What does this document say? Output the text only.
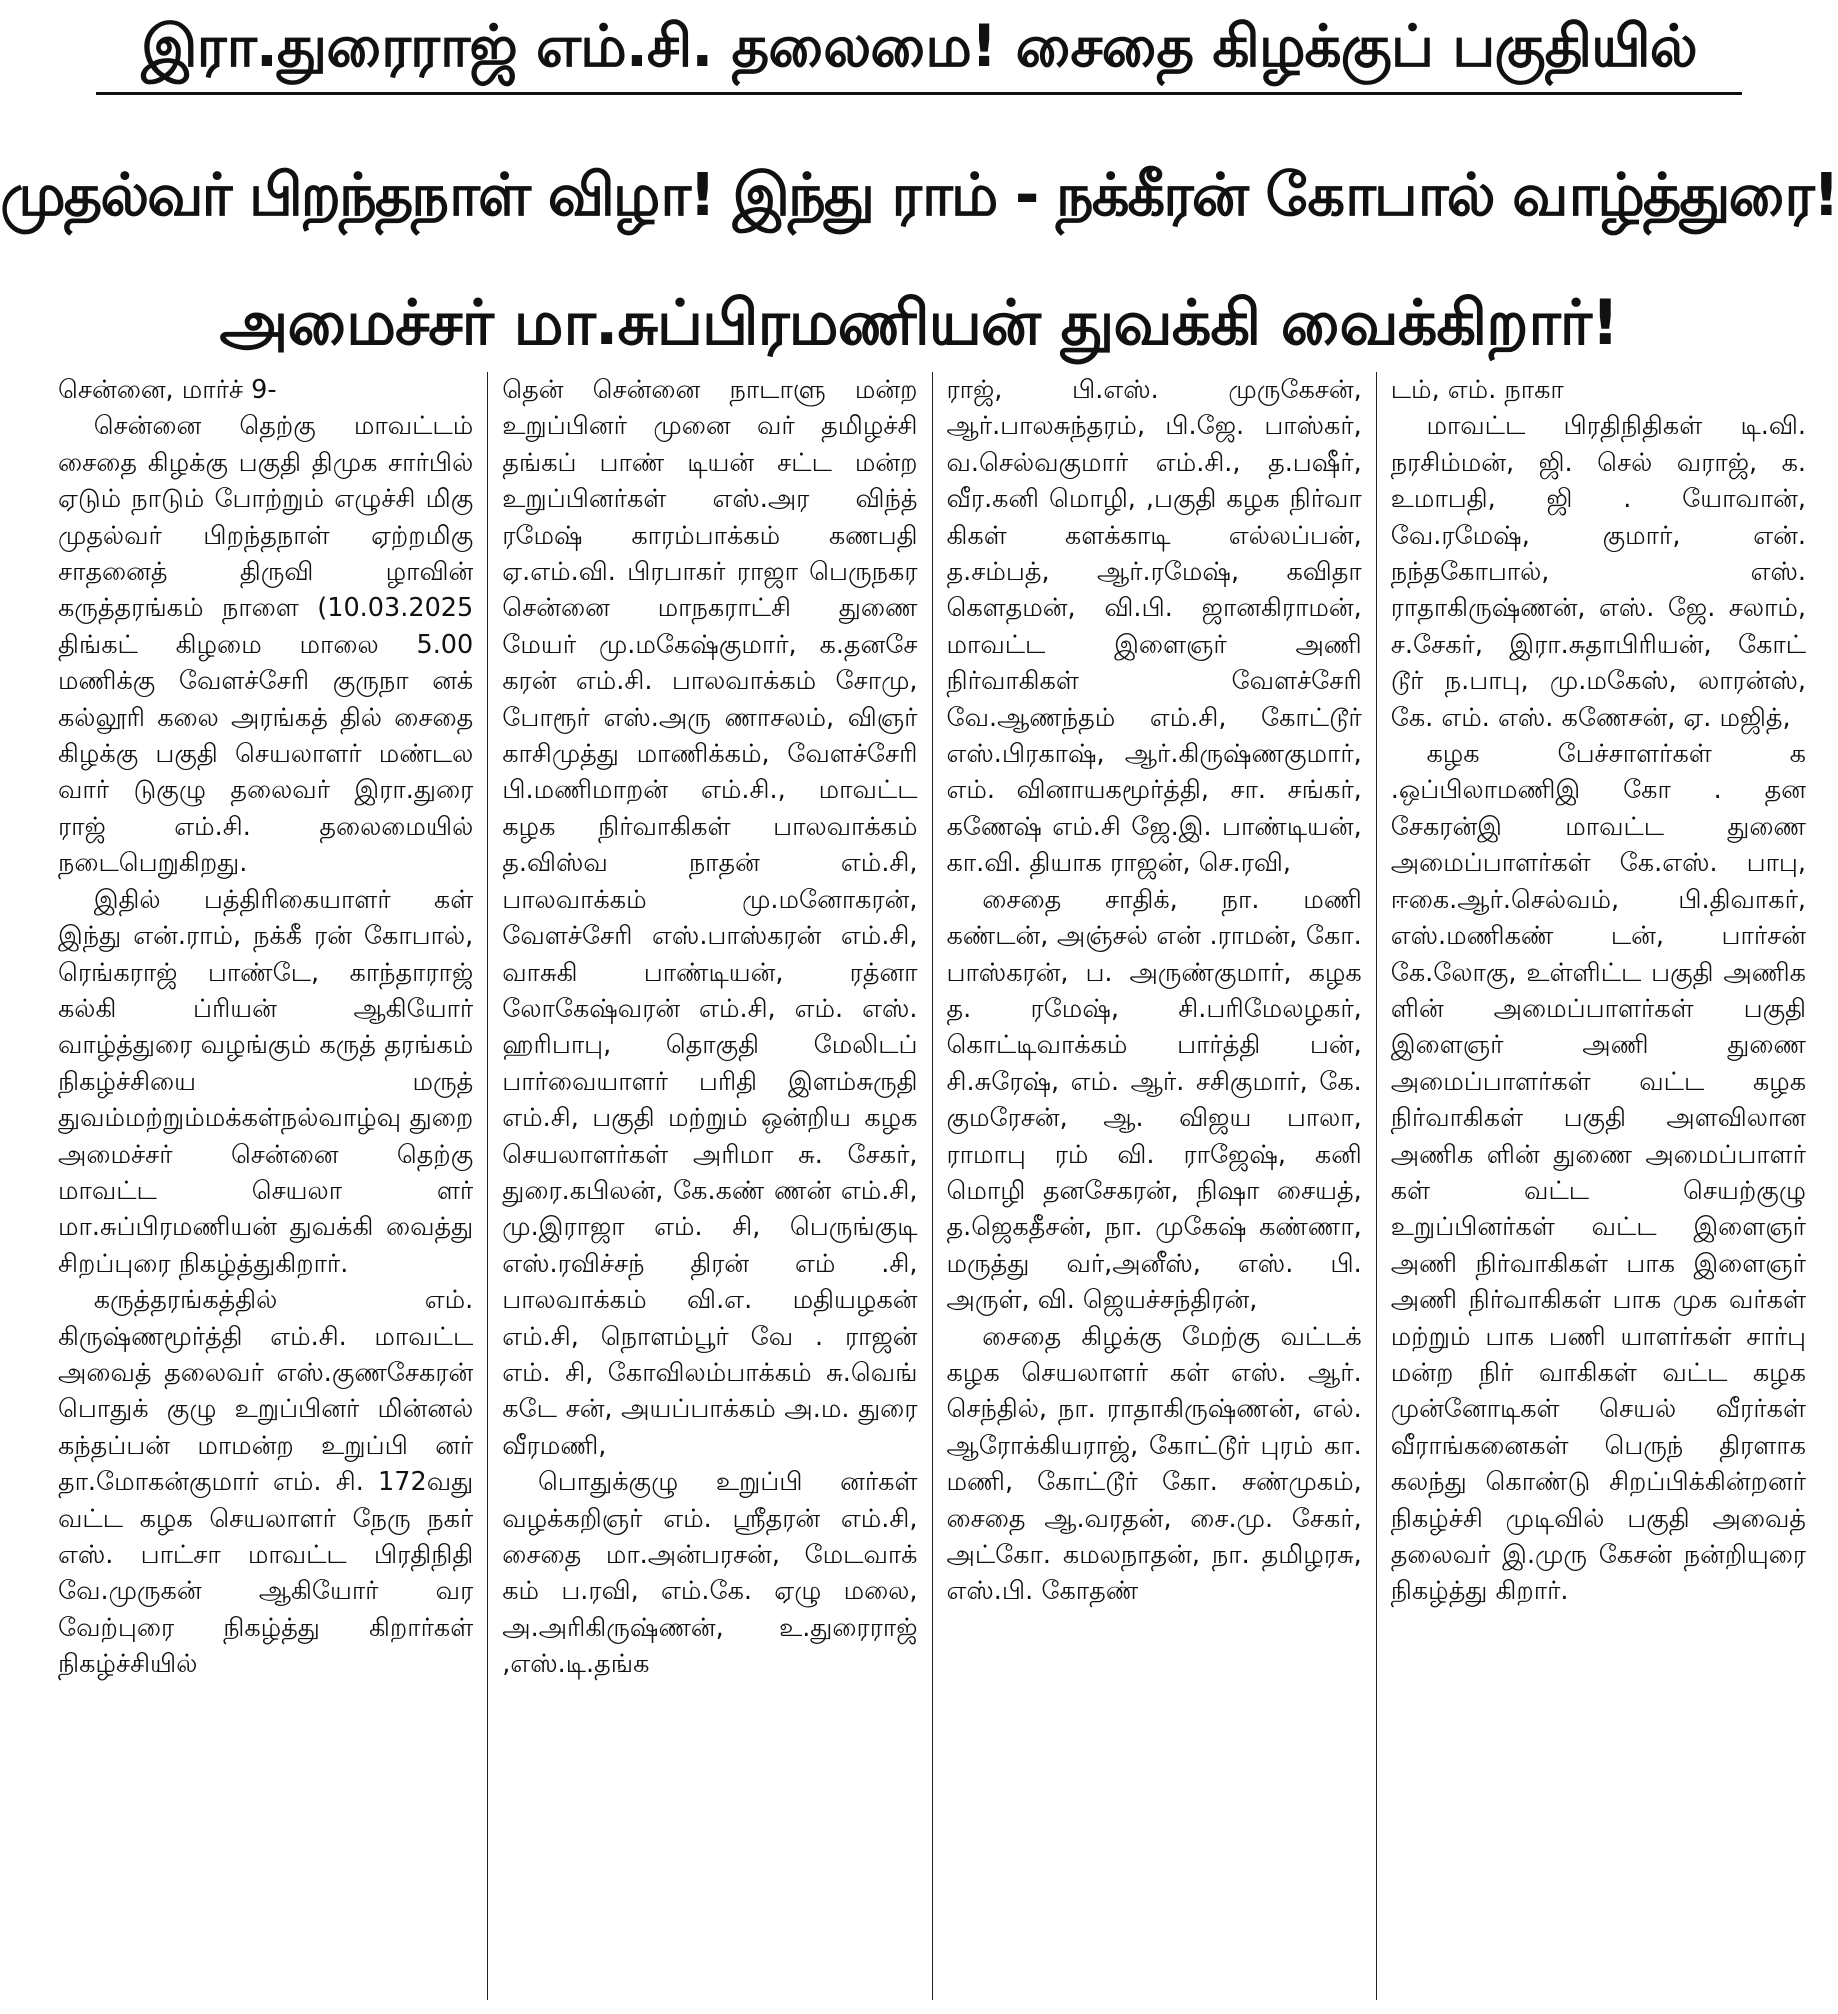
இரா.துரைராஜ் எம்.சி. தலைமை! சைதை கிழக்குப் பகுதியில்
முதல்வர் பிறந்தநாள் விழா! இந்து ராம் - நக்கீரன் கோபால் வாழ்த்துரை!
அமைச்சர் மா.சுப்பிரமணியன் துவக்கி வைக்கிறார்!

சென்னை, மார்ச் 9-

சென்னை தெற்கு மாவட்டம் சைதை கிழக்கு பகுதி திமுக சார்பில் ஏடும் நாடும் போற்றும் எழுச்சி மிகு முதல்வர் பிறந்தநாள் ஏற்றமிகு சாதனைத் திருவி ழாவின் கருத்தரங்கம் நாளை (10.03.2025 திங்கட் கிழமை மாலை 5.00 மணிக்கு வேளச்சேரி குருநா னக் கல்லூரி கலை அரங்கத் தில் சைதை கிழக்கு பகுதி செயலாளர் மண்டல வார் டுகுழு தலைவர் இரா.துரை ராஜ் எம்.சி. தலைமையில் நடைபெறுகிறது.

இதில் பத்திரிகையாளர் கள் இந்து என்.ராம், நக்கீ ரன் கோபால், ரெங்கராஜ் பாண்டே, காந்தாராஜ் கல்கி ப்ரியன் ஆகியோர் வாழ்த்துரை வழங்கும் கருத் தரங்கம் நிகழ்ச்சியை மருத் துவம்மற்றும்மக்கள்நல்வாழ்வு துறை அமைச்சர் சென்னை தெற்கு மாவட்ட செயலா ளர் மா.சுப்பிரமணியன் துவக்கி வைத்து சிறப்புரை நிகழ்த்துகிறார்.

கருத்தரங்கத்தில் எம். கிருஷ்ணமூர்த்தி எம்.சி. மாவட்ட அவைத் தலைவர் எஸ்.குணசேகரன் பொதுக் குழு உறுப்பினர் மின்னல் கந்தப்பன் மாமன்ற உறுப்பி னர் தா.மோகன்குமார் எம். சி. 172வது வட்ட கழக செயலாளர் நேரு நகர் எஸ். பாட்சா மாவட்ட பிரதிநிதி வே.முருகன் ஆகியோர் வர வேற்புரை நிகழ்த்து கிறார்கள் நிகழ்ச்சியில்

தென் சென்னை நாடாளு மன்ற உறுப்பினர் முனை வர் தமிழச்சி தங்கப் பாண் டியன் சட்ட மன்ற உறுப்பினர்கள் எஸ்.அர விந்த் ரமேஷ் காரம்பாக்கம் கணபதி ஏ.எம்.வி. பிரபாகர் ராஜா பெருநகர சென்னை மாநகராட்சி துணை மேயர் மு.மகேஷ்குமார், க.தனசே கரன் எம்.சி. பாலவாக்கம் சோமு, போரூர் எஸ்.அரு ணாசலம், விஞர் காசிமுத்து மாணிக்கம், வேளச்சேரி பி.மணிமாறன் எம்.சி., மாவட்ட கழக நிர்வாகிகள் பாலவாக்கம் த.விஸ்வ நாதன் எம்.சி, பாலவாக்கம் மு.மனோகரன், வேளச்சேரி எஸ்.பாஸ்கரன் எம்.சி, வாசுகி பாண்டியன், ரத்னா லோகேஷ்வரன் எம்.சி, எம். எஸ். ஹரிபாபு, தொகுதி மேலிடப் பார்வையாளர் பரிதி இளம்சுருதி எம்.சி, பகுதி மற்றும் ஒன்றிய கழக செயலாளர்கள் அரிமா சு. சேகர், துரை.கபிலன், கே.கண் ணன் எம்.சி, மு.இராஜா எம். சி, பெருங்குடி எஸ்.ரவிச்சந் திரன் எம் .சி, பாலவாக்கம் வி.எ. மதியழகன் எம்.சி, நொளம்பூர் வே . ராஜன் எம். சி, கோவிலம்பாக்கம் சு.வெங் கடே சன், அயப்பாக்கம் அ.ம. துரை வீரமணி,

பொதுக்குழு உறுப்பி னர்கள் வழக்கறிஞர் எம். ஸ்ரீதரன் எம்.சி, சைதை மா.அன்பரசன், மேடவாக் கம் ப.ரவி, எம்.கே. ஏழு மலை, அ.அரிகிருஷ்ணன், உ.துரைராஜ் ,எஸ்.டி.தங்க

ராஜ், பி.எஸ். முருகேசன், ஆர்.பாலசுந்தரம், பி.ஜே. பாஸ்கர், வ.செல்வகுமார் எம்.சி., த.பஷீர், வீர.கனி மொழி, ,பகுதி கழக நிர்வா கிகள் களக்காடி எல்லப்பன், த.சம்பத், ஆர்.ரமேஷ், கவிதா கௌதமன், வி.பி. ஜானகிராமன், மாவட்ட இளைஞர் அணி நிர்வாகிகள் வேளச்சேரி வே.ஆணந்தம் எம்.சி, கோட்டூர் எஸ்.பிரகாஷ், ஆர்.கிருஷ்ணகுமார், எம். வினாயகமூர்த்தி, சா. சங்கர், கணேஷ் எம்.சி ஜே.இ. பாண்டியன், கா.வி. தியாக ராஜன், செ.ரவி,

சைதை சாதிக், நா. மணி கண்டன், அஞ்சல் என் .ராமன், கோ. பாஸ்கரன், ப. அருண்குமார், கழக த. ரமேஷ், சி.பரிமேலழகர், கொட்டிவாக்கம் பார்த்தி பன், சி.சுரேஷ், எம். ஆர். சசிகுமார், கே. குமரேசன், ஆ. விஜய பாலா, ராமாபு ரம் வி. ராஜேஷ், கனி மொழி தனசேகரன், நிஷா சையத், த.ஜெகதீசன், நா. முகேஷ் கண்ணா, மருத்து வர்,அனீஸ், எஸ். பி. அருள், வி. ஜெயச்சந்திரன்,

சைதை கிழக்கு மேற்கு வட்டக் கழக செயலாளர் கள் எஸ். ஆர். செந்தில், நா. ராதாகிருஷ்ணன், எல். ஆரோக்கியராஜ், கோட்டூர் புரம் கா. மணி, கோட்டூர் கோ. சண்முகம், சைதை ஆ.வரதன், சை.மு. சேகர், அட்கோ. கமலநாதன், நா. தமிழரசு, எஸ்.பி. கோதண்

டம், எம். நாகா

மாவட்ட பிரதிநிதிகள் டி.வி. நரசிம்மன், ஜி. செல் வராஜ், க. உமாபதி, ஜி . யோவான், வே.ரமேஷ், குமார், என். நந்தகோபால், எஸ். ராதாகிருஷ்ணன், எஸ். ஜே. சலாம், ச.சேகர், இரா.சுதாபிரியன், கோட் டூர் ந.பாபு, மு.மகேஸ், லாரன்ஸ், கே. எம். எஸ். கணேசன், ஏ. மஜித்,

கழக பேச்சாளர்கள் க .ஒப்பிலாமணிஇ கோ . தன சேகரன்இ மாவட்ட துணை அமைப்பாளர்கள் கே.எஸ். பாபு, ஈகை.ஆர்.செல்வம், பி.திவாகர், எஸ்.மணிகண் டன், பார்சன் கே.லோகு, உள்ளிட்ட பகுதி அணிக ளின் அமைப்பாளர்கள் பகுதி இளைஞர் அணி துணை அமைப்பாளர்கள் வட்ட கழக நிர்வாகிகள் பகுதி அளவிலான அணிக ளின் துணை அமைப்பாளர் கள் வட்ட செயற்குழு உறுப்பினர்கள் வட்ட இளைஞர் அணி நிர்வாகிகள் பாக இளைஞர் அணி நிர்வாகிகள் பாக முக வர்கள் மற்றும் பாக பணி யாளர்கள் சார்பு மன்ற நிர் வாகிகள் வட்ட கழக முன்னோடிகள் செயல் வீரர்கள் வீராங்கனைகள் பெருந் திரளாக கலந்து கொண்டு சிறப்பிக்கின்றனர் நிகழ்ச்சி முடிவில் பகுதி அவைத் தலைவர் இ.முரு கேசன் நன்றியுரை நிகழ்த்து கிறார்.
